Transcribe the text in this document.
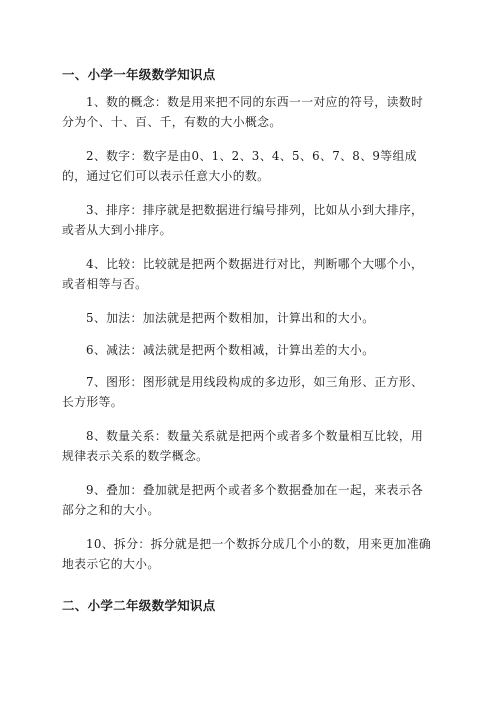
一、小学一年级数学知识点

1、数的概念：数是用来把不同的东西一一对应的符号，读数时分为个、十、百、千，有数的大小概念。

2、数字：数字是由0、1、2、3、4、5、6、7、8、9等组成的，通过它们可以表示任意大小的数。

3、排序：排序就是把数据进行编号排列，比如从小到大排序，或者从大到小排序。

4、比较：比较就是把两个数据进行对比，判断哪个大哪个小，或者相等与否。

5、加法：加法就是把两个数相加，计算出和的大小。

6、减法：减法就是把两个数相减，计算出差的大小。

7、图形：图形就是用线段构成的多边形，如三角形、正方形、长方形等。

8、数量关系：数量关系就是把两个或者多个数量相互比较，用规律表示关系的数学概念。

9、叠加：叠加就是把两个或者多个数据叠加在一起，来表示各部分之和的大小。

10、拆分：拆分就是把一个数拆分成几个小的数，用来更加准确地表示它的大小。

二、小学二年级数学知识点
